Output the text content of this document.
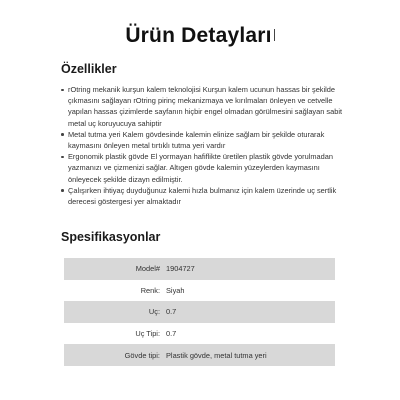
Ürün Detayları
Özellikler
rOtring mekanik kurşun kalem teknolojisi Kurşun kalem ucunun hassas bir şekilde çıkmasını sağlayan rOtring pirinç mekanizmaya ve kırılmaları önleyen ve cetvelle yapılan hassas çizimlerde sayfanın hiçbir engel olmadan görülmesini sağlayan sabit metal uç koruyucuya sahiptir
Metal tutma yeri Kalem gövdesinde kalemin elinize sağlam bir şekilde oturarak kaymasını önleyen metal tırtıklı tutma yeri vardır
Ergonomik plastik gövde El yormayan hafiflikte üretilen plastik gövde yorulmadan yazmanızı ve çizmenizi sağlar. Altıgen gövde kalemin yüzeylerden kaymasını önleyecek şekilde dizayn edilmiştir.
Çalışırken ihtiyaç duyduğunuz kalemi hızla bulmanız için kalem üzerinde uç sertlik derecesi göstergesi yer almaktadır
Spesifikasyonlar
Model#	1904727
Renk:	Siyah
Uç:	0.7
Uç Tipi:	0.7
Gövde tipi:	Plastik gövde, metal tutma yeri
